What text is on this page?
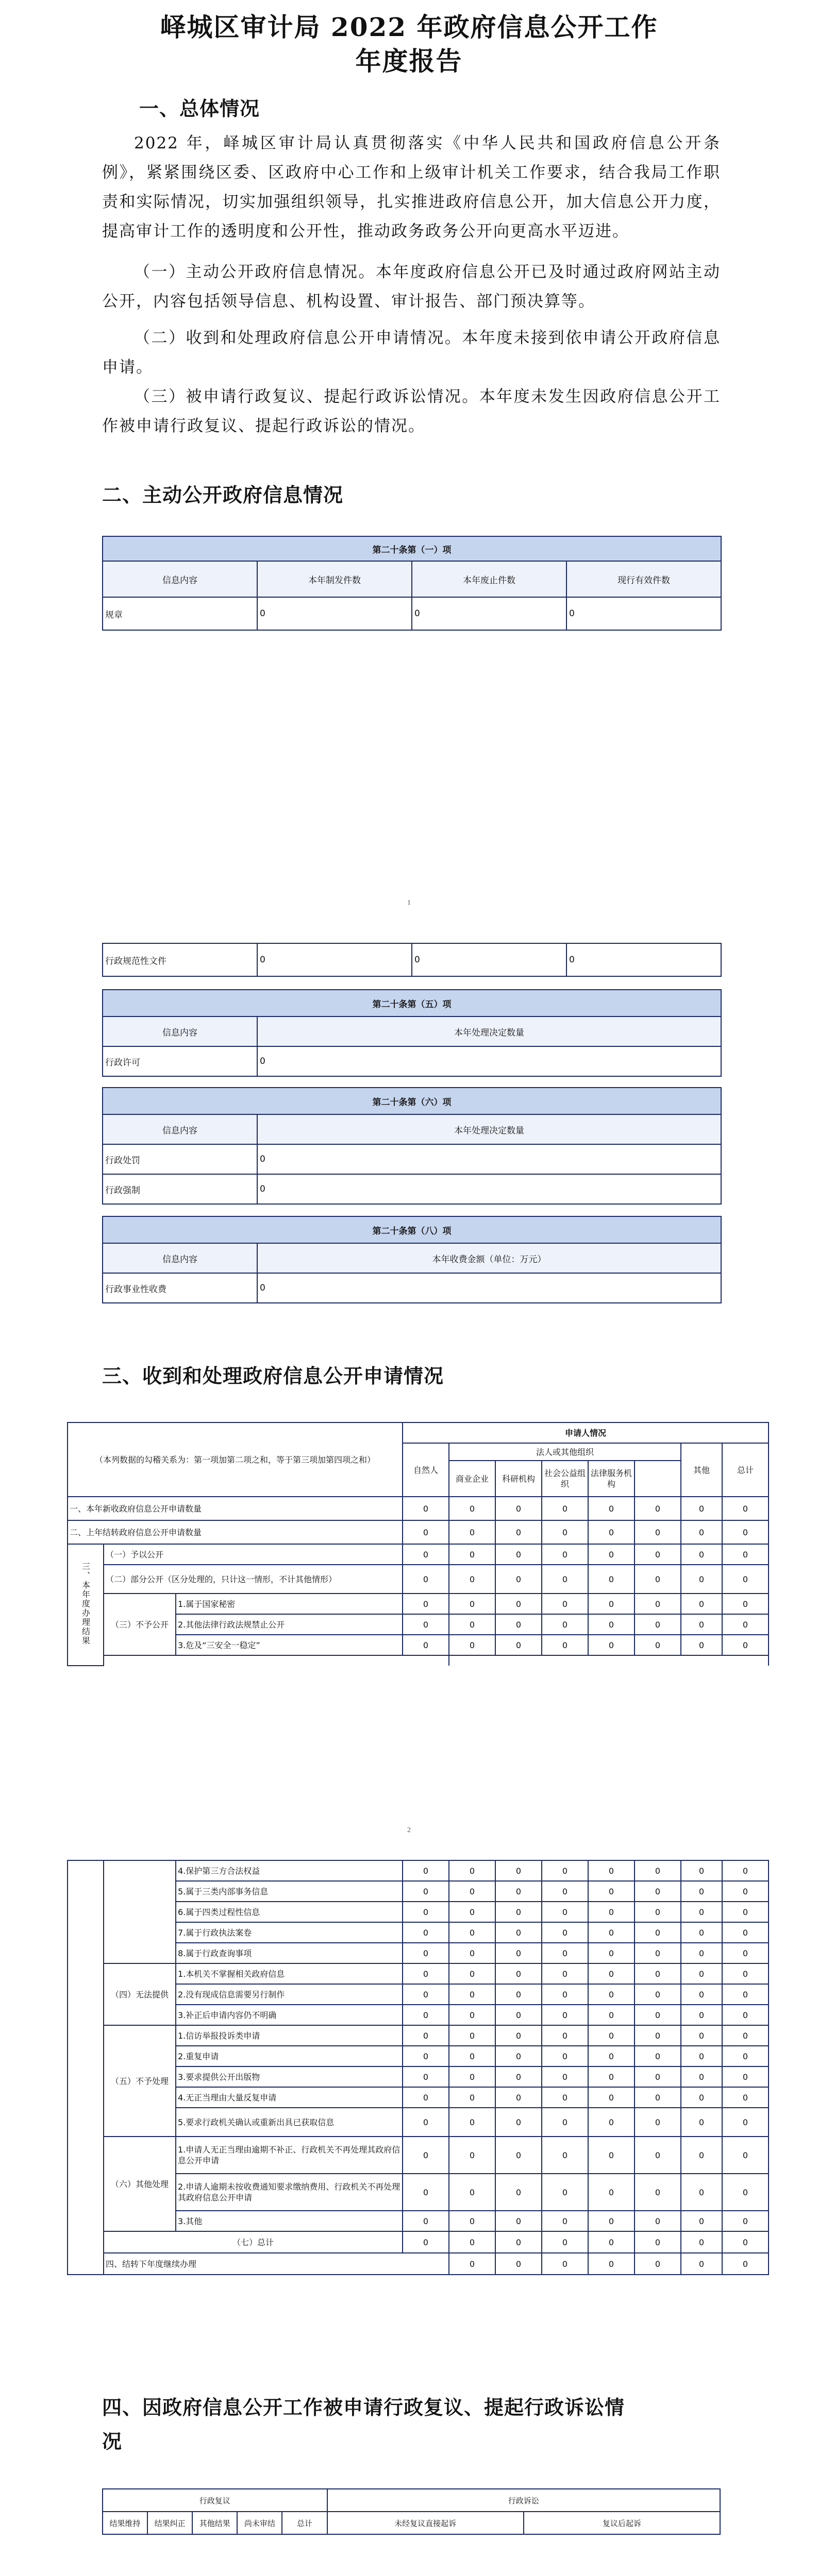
峄城区审计局 2022 年政府信息公开工作
年度报告
一、总体情况
2022 年，峄城区审计局认真贯彻落实《中华人民共和国政府信息公开条例》，紧紧围绕区委、区政府中心工作和上级审计机关工作要求，结合我局工作职责和实际情况，切实加强组织领导，扎实推进政府信息公开，加大信息公开力度，提高审计工作的透明度和公开性，推动政务政务公开向更高水平迈进。
（一）主动公开政府信息情况。本年度政府信息公开已及时通过政府网站主动公开，内容包括领导信息、机构设置、审计报告、部门预决算等。
（二）收到和处理政府信息公开申请情况。本年度未接到依申请公开政府信息申请。
（三）被申请行政复议、提起行政诉讼情况。本年度未发生因政府信息公开工作被申请行政复议、提起行政诉讼的情况。
二、主动公开政府信息情况
第二十条第（一）项			
信息内容	本年制发件数	本年废止件数	现行有效件数
规章	0	0	0
1
行政规范性文件	0	0	0
第二十条第（五）项	
信息内容	本年处理决定数量
行政许可	0
第二十条第（六）项	
信息内容	本年处理决定数量
行政处罚	0
行政强制	0
第二十条第（八）项	
信息内容	本年收费金额（单位：万元）
行政事业性收费	0
三、收到和处理政府信息公开申请情况
（本列数据的勾稽关系为：第一项加第二项之和，等于第三项加第四项之和）			申请人情况							
			自然人	法人或其他组织					其他	总计
				商业企业	科研机构	社会公益组织	法律服务机构		
一、本年新收政府信息公开申请数量			0	0	0	0	0	0	0	0
二、上年结转政府信息公开申请数量			0	0	0	0	0	0	0	0
三、本年度办理结果	（一）予以公开		0	0	0	0	0	0	0	0
	（二）部分公开（区分处理的，只计这一情形，不计其他情形）		0	0	0	0	0	0	0	0
	（三）不予公开	1.属于国家秘密	0	0	0	0	0	0	0	0
		2.其他法律行政法规禁止公开	0	0	0	0	0	0	0	0
		3.危及“三安全一稳定”	0	0	0	0	0	0	0	0

2
		4.保护第三方合法权益	0	0	0	0	0	0	0	0	
		5.属于三类内部事务信息	0	0	0	0	0	0	0	0	
		6.属于四类过程性信息	0	0	0	0	0	0	0	0	
		7.属于行政执法案卷	0	0	0	0	0	0	0	0	
		8.属于行政查询事项	0	0	0	0	0	0	0	0	
	（四）无法提供	1.本机关不掌握相关政府信息	0	0	0	0	0	0	0	0	
		2.没有现成信息需要另行制作	0	0	0	0	0	0	0	0	
		3.补正后申请内容仍不明确	0	0	0	0	0	0	0	0	
	（五）不予处理	1.信访举报投诉类申请	0	0	0	0	0	0	0	0	
		2.重复申请	0	0	0	0	0	0	0	0	
		3.要求提供公开出版物	0	0	0	0	0	0	0	0	
		4.无正当理由大量反复申请	0	0	0	0	0	0	0	0	
		5.要求行政机关确认或重新出具已获取信息	0	0	0	0	0	0	0	0	
	（六）其他处理	1.申请人无正当理由逾期不补正、行政机关不再处理其政府信息公开申请	0	0	0	0	0	0	0	0	
		2.申请人逾期未按收费通知要求缴纳费用、行政机关不再处理其政府信息公开申请	0	0	0	0	0	0	0	0	
		3.其他	0	0	0	0	0	0	0	0	
	（七）总计		0	0	0	0	0	0	0	0	
	四、结转下年度继续办理			0	0	0	0	0	0	0	
四、因政府信息公开工作被申请行政复议、提起行政诉讼情
况
行政复议					行政诉讼	
结果维持	结果纠正	其他结果	尚未审结	总计	未经复议直接起诉	复议后起诉
